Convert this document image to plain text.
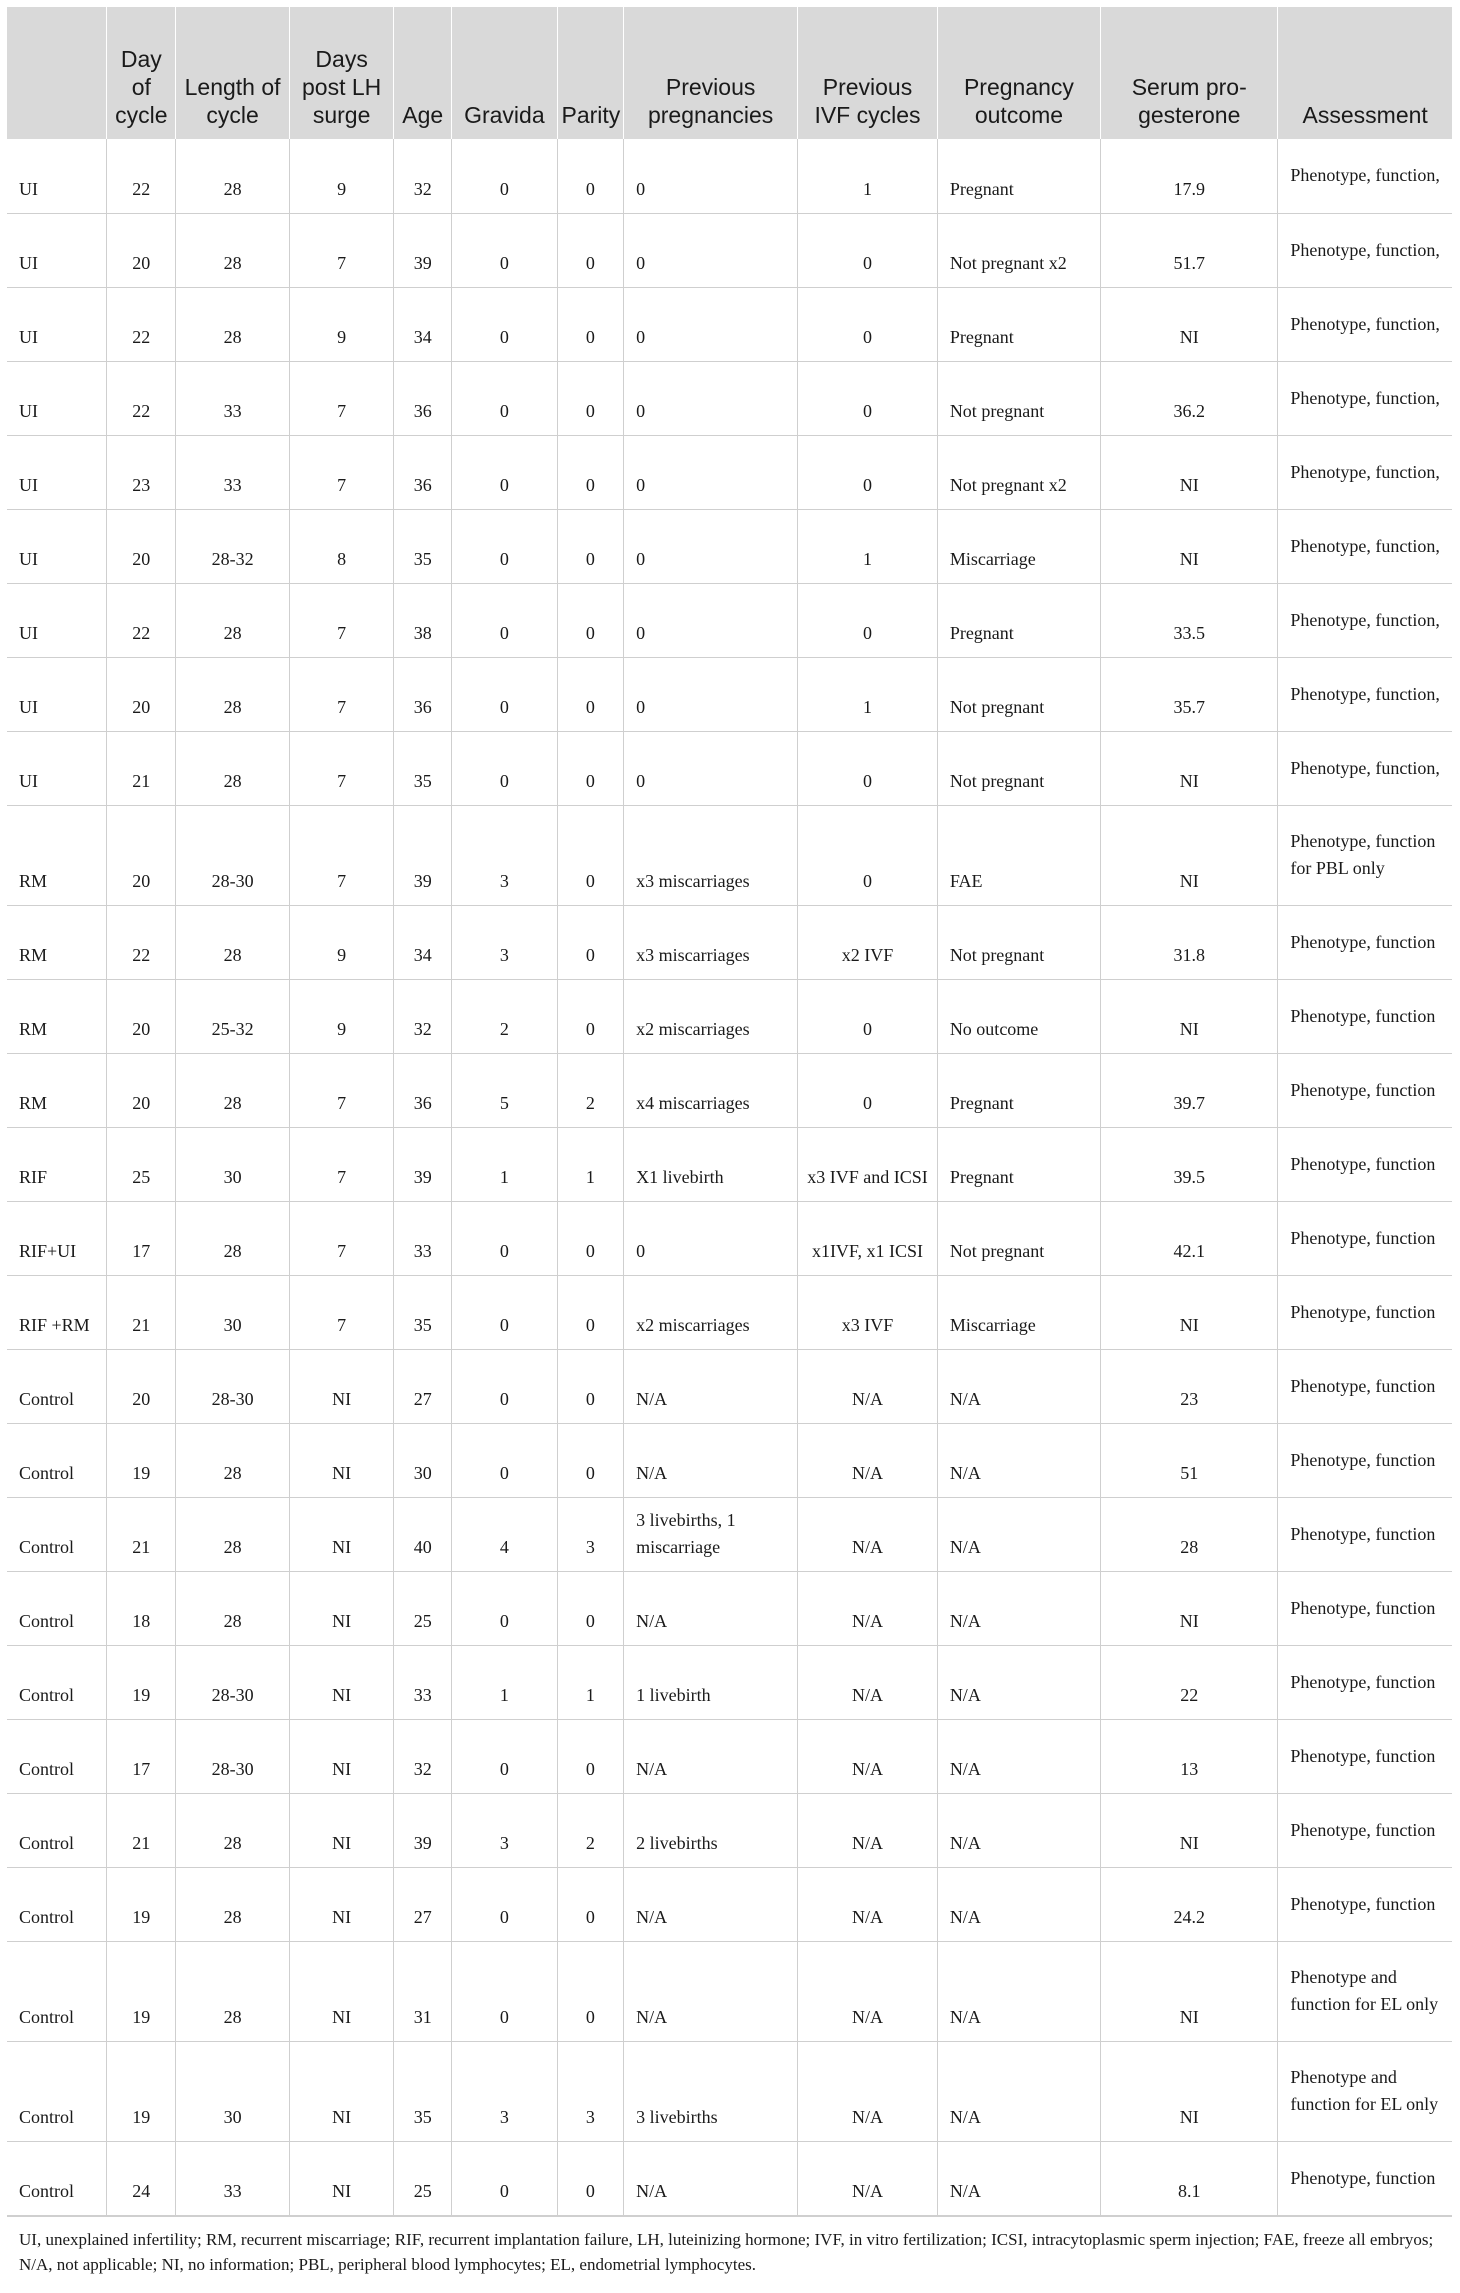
	Day of cycle	Length of cycle	Days post LH surge	Age	Gravida	Parity	Previous pregnancies	Previous IVF cycles	Pregnancy outcome	Serum pro-gesterone	Assessment
UI	22	28	9	32	0	0	0	1	Pregnant	17.9	Phenotype, function,
UI	20	28	7	39	0	0	0	0	Not pregnant x2	51.7	Phenotype, function,
UI	22	28	9	34	0	0	0	0	Pregnant	NI	Phenotype, function,
UI	22	33	7	36	0	0	0	0	Not pregnant	36.2	Phenotype, function,
UI	23	33	7	36	0	0	0	0	Not pregnant x2	NI	Phenotype, function,
UI	20	28-32	8	35	0	0	0	1	Miscarriage	NI	Phenotype, function,
UI	22	28	7	38	0	0	0	0	Pregnant	33.5	Phenotype, function,
UI	20	28	7	36	0	0	0	1	Not pregnant	35.7	Phenotype, function,
UI	21	28	7	35	0	0	0	0	Not pregnant	NI	Phenotype, function,
RM	20	28-30	7	39	3	0	x3 miscarriages	0	FAE	NI	Phenotype, function for PBL only
RM	22	28	9	34	3	0	x3 miscarriages	x2 IVF	Not pregnant	31.8	Phenotype, function
RM	20	25-32	9	32	2	0	x2 miscarriages	0	No outcome	NI	Phenotype, function
RM	20	28	7	36	5	2	x4 miscarriages	0	Pregnant	39.7	Phenotype, function
RIF	25	30	7	39	1	1	X1 livebirth	x3 IVF and ICSI	Pregnant	39.5	Phenotype, function
RIF+UI	17	28	7	33	0	0	0	x1IVF, x1 ICSI	Not pregnant	42.1	Phenotype, function
RIF +RM	21	30	7	35	0	0	x2 miscarriages	x3 IVF	Miscarriage	NI	Phenotype, function
Control	20	28-30	NI	27	0	0	N/A	N/A	N/A	23	Phenotype, function
Control	19	28	NI	30	0	0	N/A	N/A	N/A	51	Phenotype, function
Control	21	28	NI	40	4	3	3 livebirths, 1 miscarriage	N/A	N/A	28	Phenotype, function
Control	18	28	NI	25	0	0	N/A	N/A	N/A	NI	Phenotype, function
Control	19	28-30	NI	33	1	1	1 livebirth	N/A	N/A	22	Phenotype, function
Control	17	28-30	NI	32	0	0	N/A	N/A	N/A	13	Phenotype, function
Control	21	28	NI	39	3	2	2 livebirths	N/A	N/A	NI	Phenotype, function
Control	19	28	NI	27	0	0	N/A	N/A	N/A	24.2	Phenotype, function
Control	19	28	NI	31	0	0	N/A	N/A	N/A	NI	Phenotype and function for EL only
Control	19	30	NI	35	3	3	3 livebirths	N/A	N/A	NI	Phenotype and function for EL only
Control	24	33	NI	25	0	0	N/A	N/A	N/A	8.1	Phenotype, function
UI, unexplained infertility; RM, recurrent miscarriage; RIF, recurrent implantation failure, LH, luteinizing hormone; IVF, in vitro fertilization; ICSI, intracytoplasmic sperm injection; FAE, freeze all embryos; N/A, not applicable; NI, no information; PBL, peripheral blood lymphocytes; EL, endometrial lymphocytes.
